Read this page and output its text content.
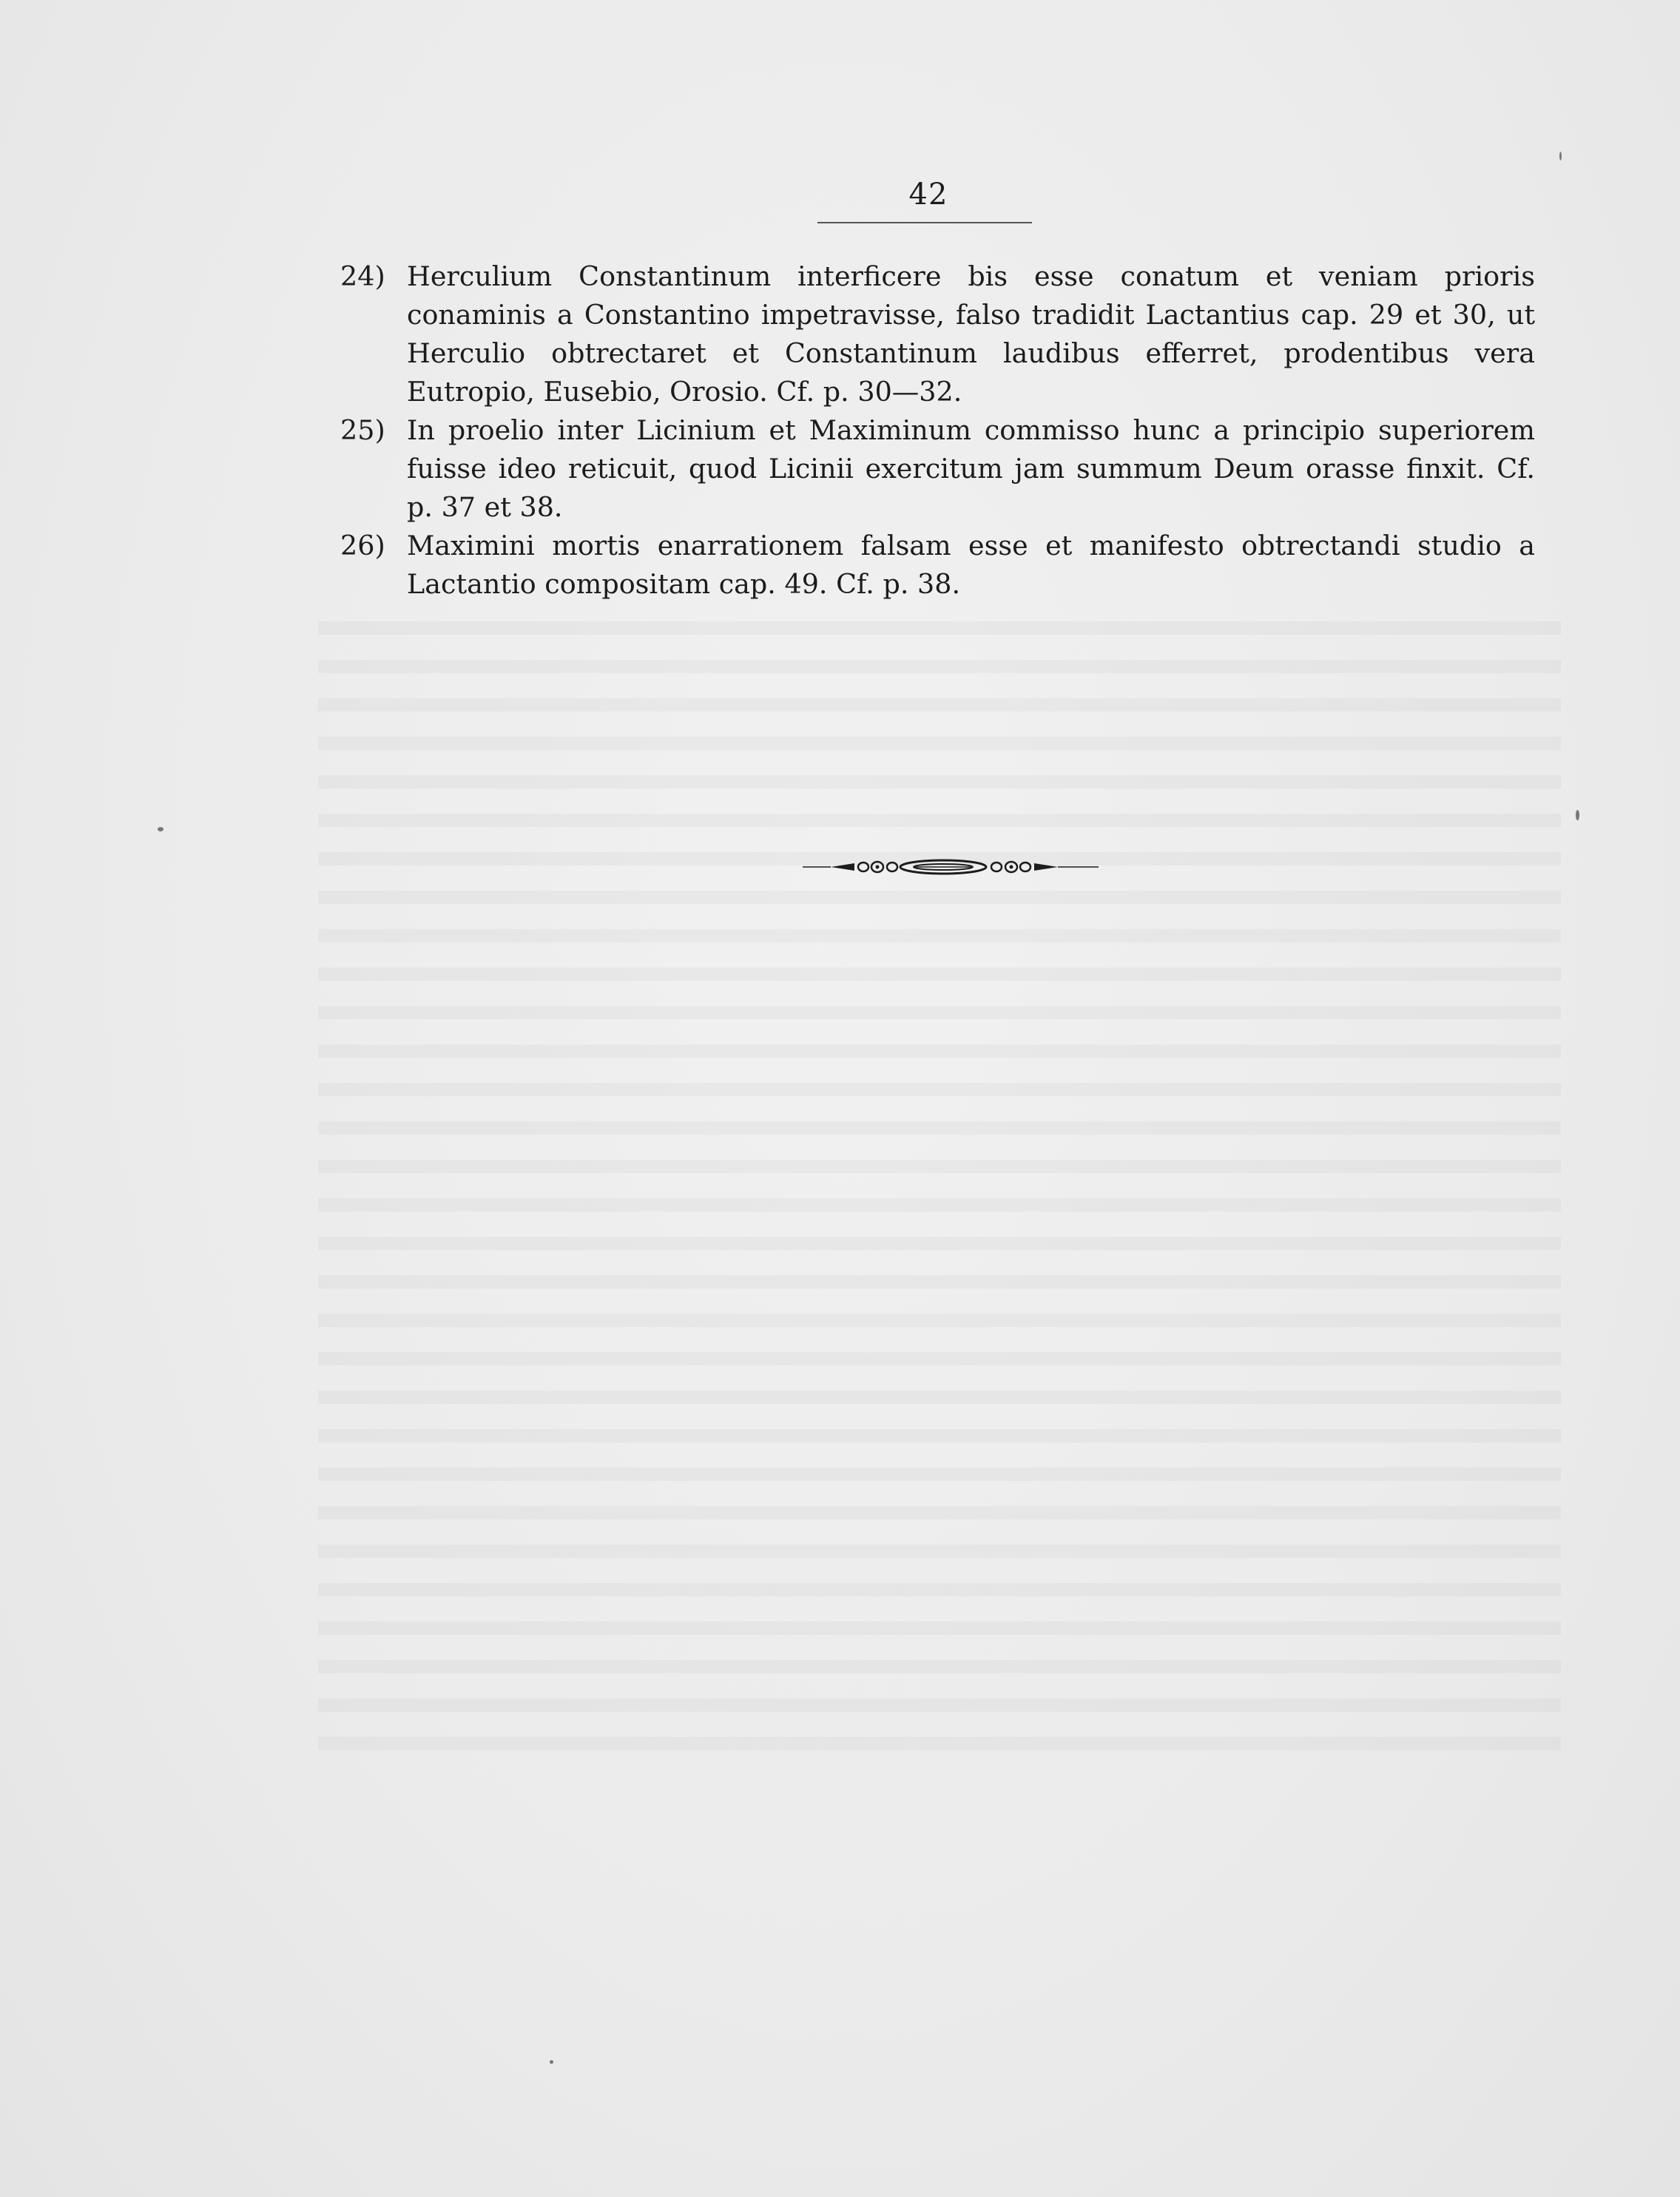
42

24) Herculium Constantinum interficere bis esse conatum et veniam prioris conaminis a Constantino impetravisse, falso tradidit Lactantius cap. 29 et 30, ut Herculio obtrectaret et Constantinum laudibus efferret, prodentibus vera Eutropio, Eusebio, Orosio. Cf. p. 30—32.

25) In proelio inter Licinium et Maximinum commisso hunc a principio superiorem fuisse ideo reticuit, quod Licinii exercitum jam summum Deum orasse finxit. Cf. p. 37 et 38.

26) Maximini mortis enarrationem falsam esse et manifesto obtrectandi studio a Lactantio compositam cap. 49. Cf. p. 38.
